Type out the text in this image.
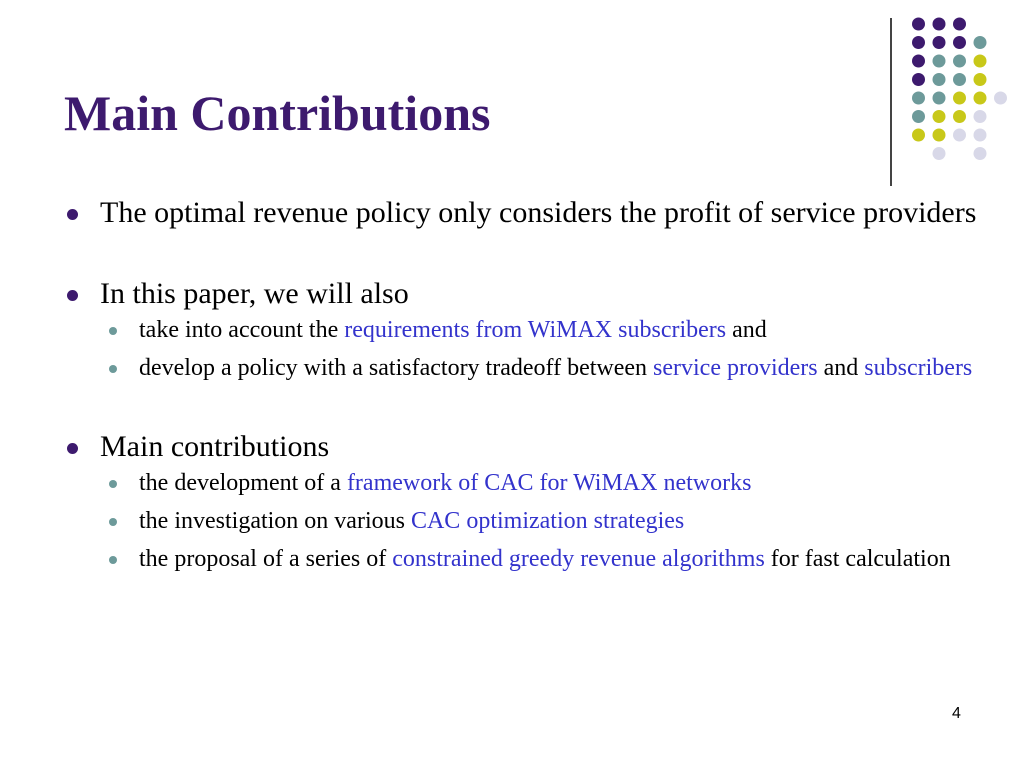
Main Contributions
The optimal revenue policy only considers the profit of service providers
In this paper, we will also
take into account the requirements from WiMAX subscribers and
develop a policy with a satisfactory tradeoff between service providers and subscribers
Main contributions
the development of a framework of CAC for WiMAX networks
the investigation on various CAC optimization strategies
the proposal of a series of constrained greedy revenue algorithms for fast calculation
4
